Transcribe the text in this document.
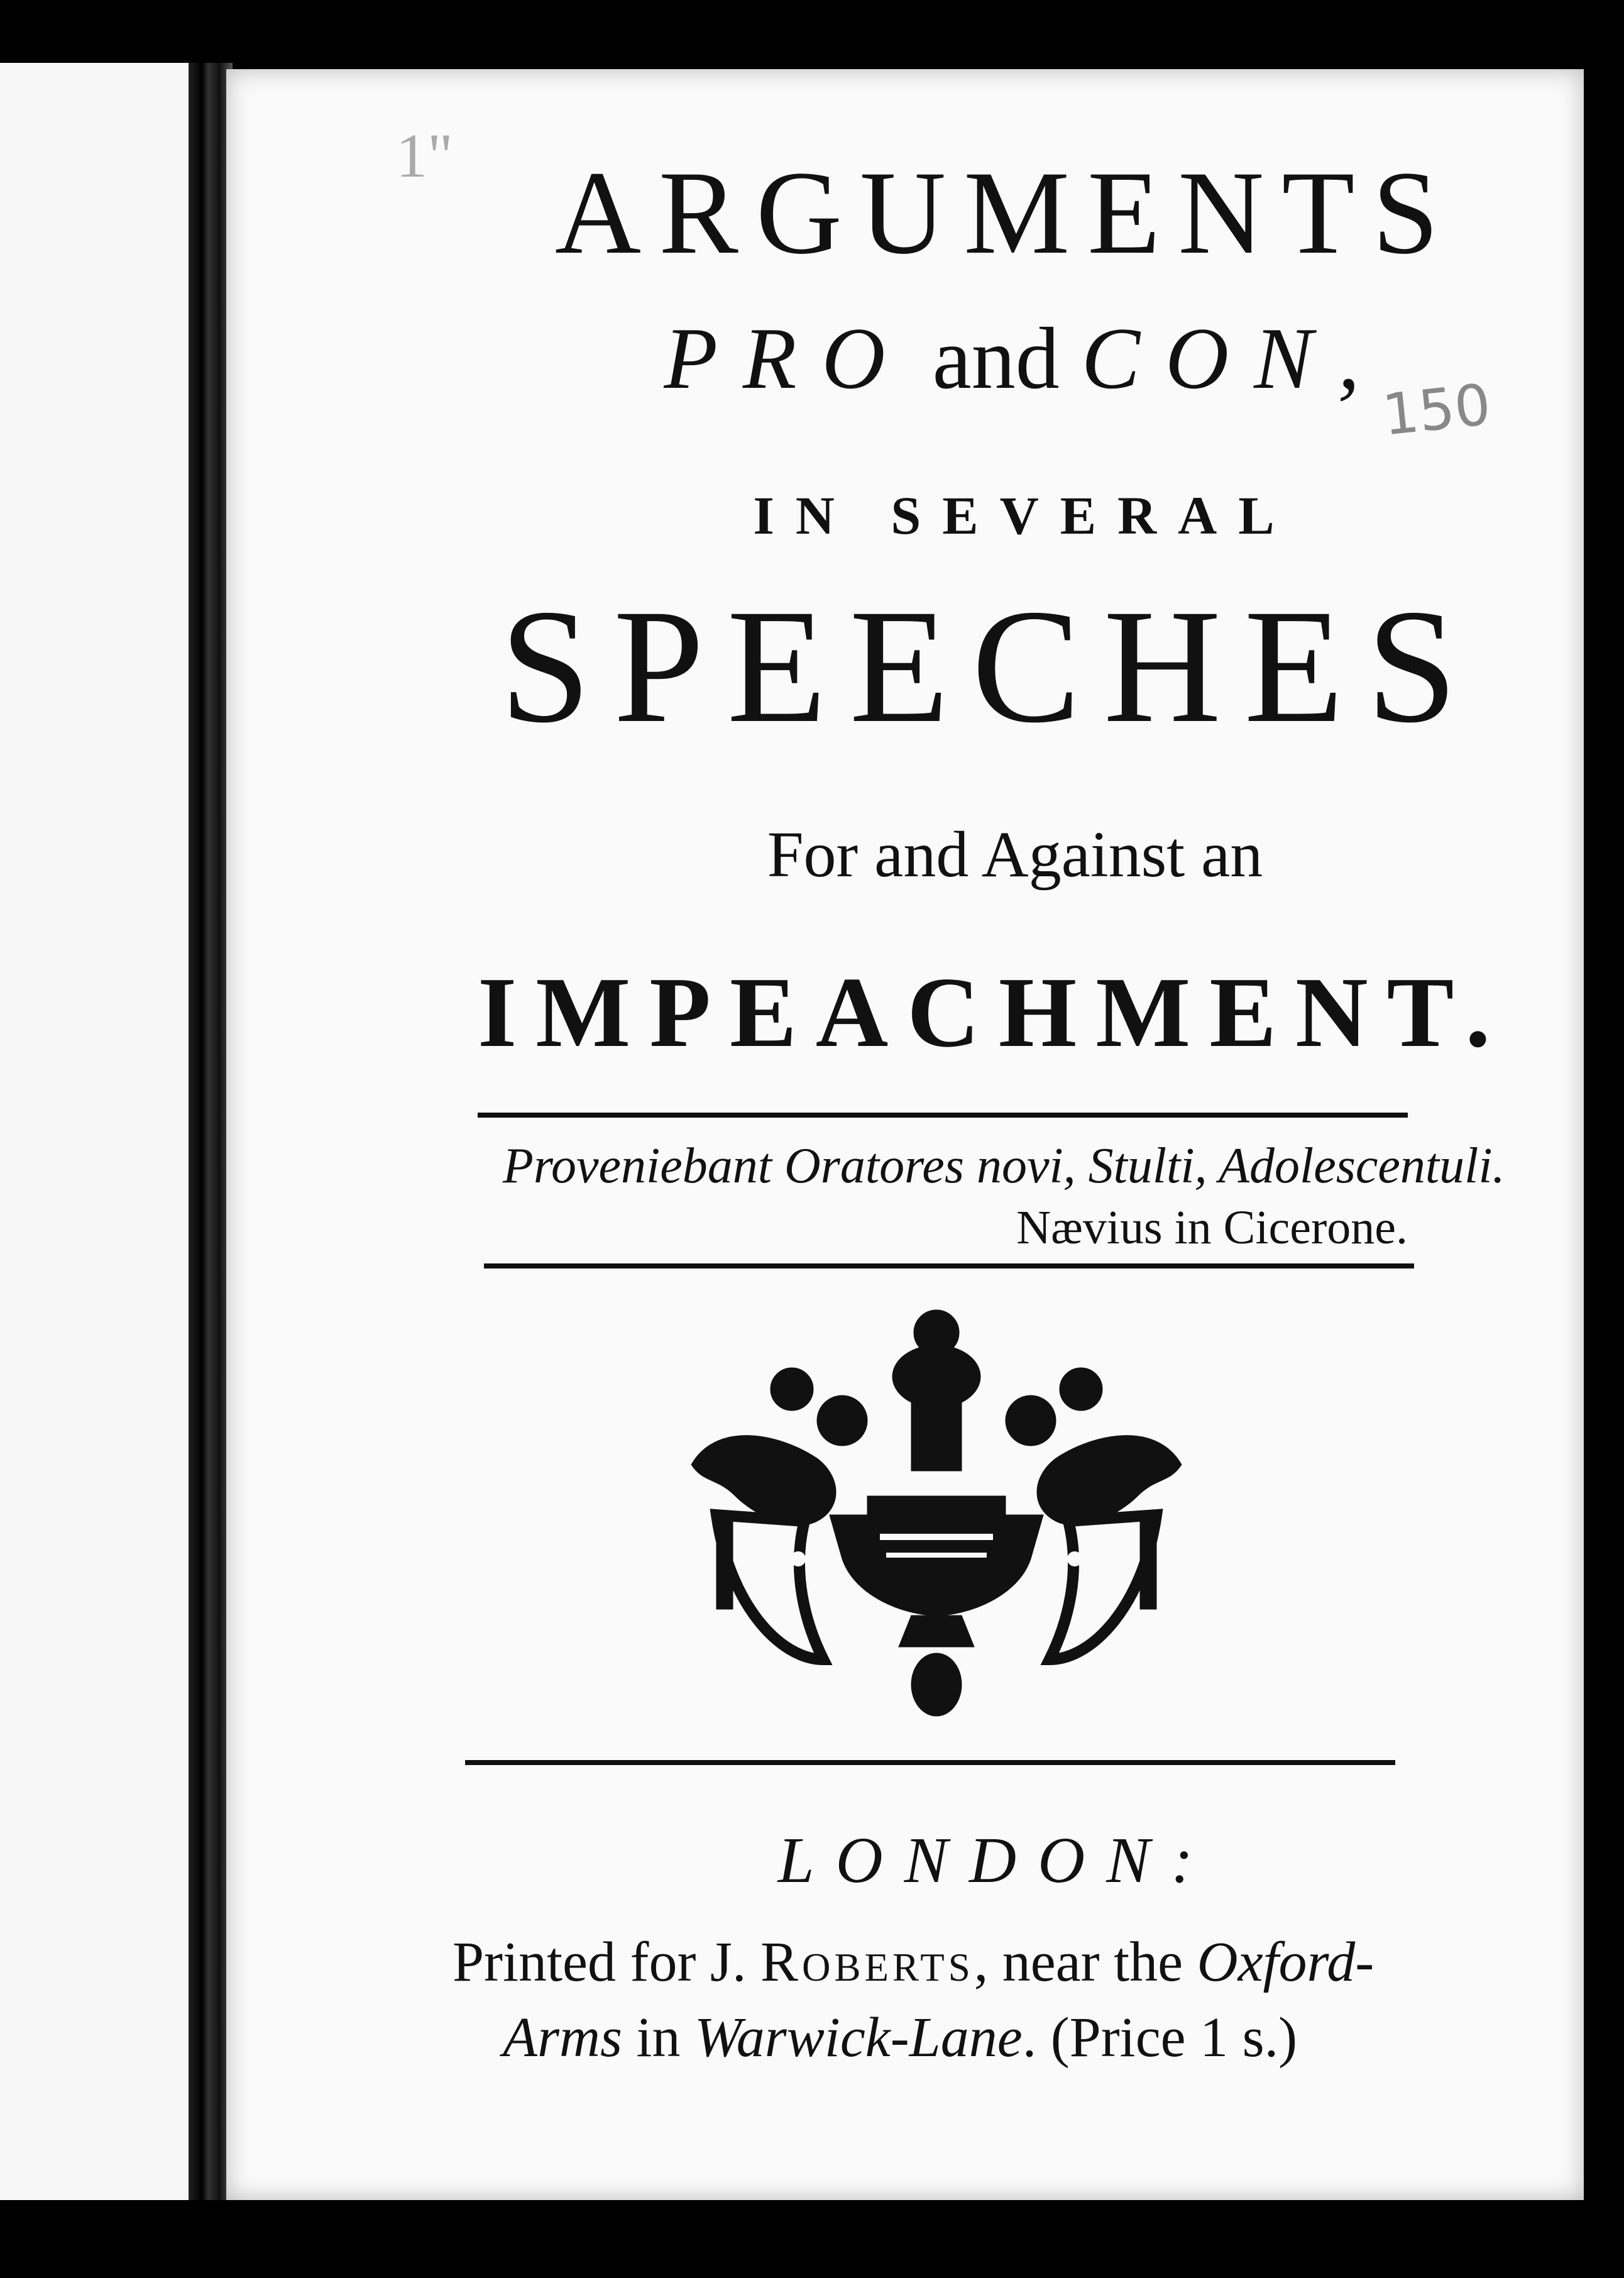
1" ARGUMENTS
PRO and CON,
150
IN SEVERAL
SPEECHES
For and Against an
IMPEACHMENT.
Proveniebant Oratores novi, Stulti, Adolescentuli.
Nævius in Cicerone.
LONDON:
Printed for J. Roberts, near the Oxford-
Arms in Warwick-Lane. (Price 1 s.)
